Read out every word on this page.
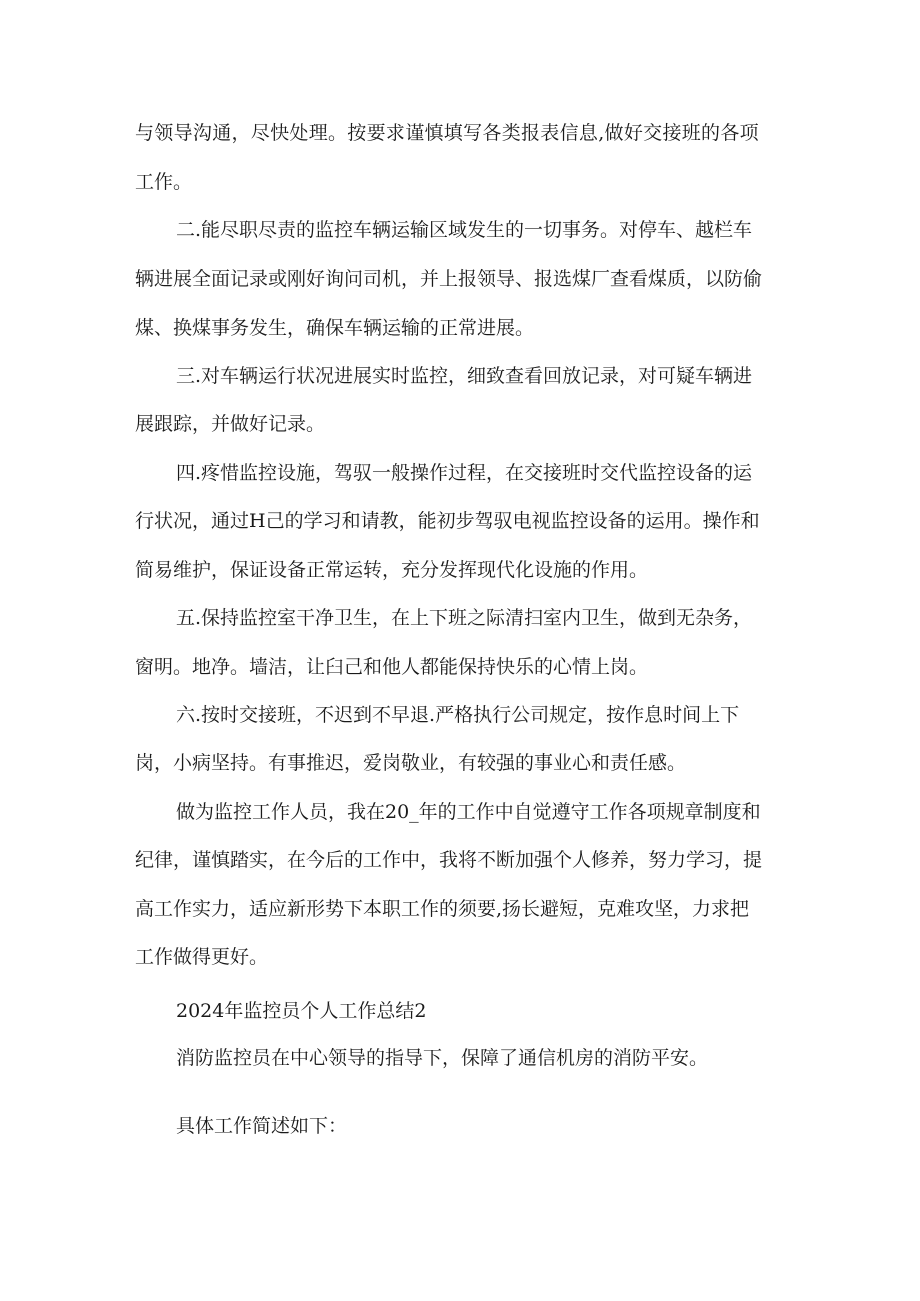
与领导沟通，尽快处理。按要求谨慎填写各类报表信息,做好交接班的各项
工作。
二.能尽职尽责的监控车辆运输区域发生的一切事务。对停车、越栏车
辆进展全面记录或刚好询问司机，并上报领导、报选煤厂查看煤质，以防偷
煤、换煤事务发生，确保车辆运输的正常进展。
三.对车辆运行状况进展实时监控，细致查看回放记录，对可疑车辆进
展跟踪，并做好记录。
四.疼惜监控设施，驾驭一般操作过程，在交接班时交代监控设备的运
行状况，通过H己的学习和请教，能初步驾驭电视监控设备的运用。操作和
简易维护，保证设备正常运转，充分发挥现代化设施的作用。
五.保持监控室干净卫生，在上下班之际清扫室内卫生，做到无杂务，
窗明。地净。墙洁，让臼己和他人都能保持快乐的心情上岗。
六.按时交接班，不迟到不早退.严格执行公司规定，按作息时间上下
岗，小病坚持。有事推迟，爱岗敬业，有较强的事业心和责任感。
做为监控工作人员，我在20_年的工作中自觉遵守工作各项规章制度和
纪律，谨慎踏实，在今后的工作中，我将不断加强个人修养，努力学习，提
高工作实力，适应新形势下本职工作的须要,扬长避短，克难攻坚，力求把
工作做得更好。
2024年监控员个人工作总结2
消防监控员在中心领导的指导下，保障了通信机房的消防平安。
具体工作简述如下：
